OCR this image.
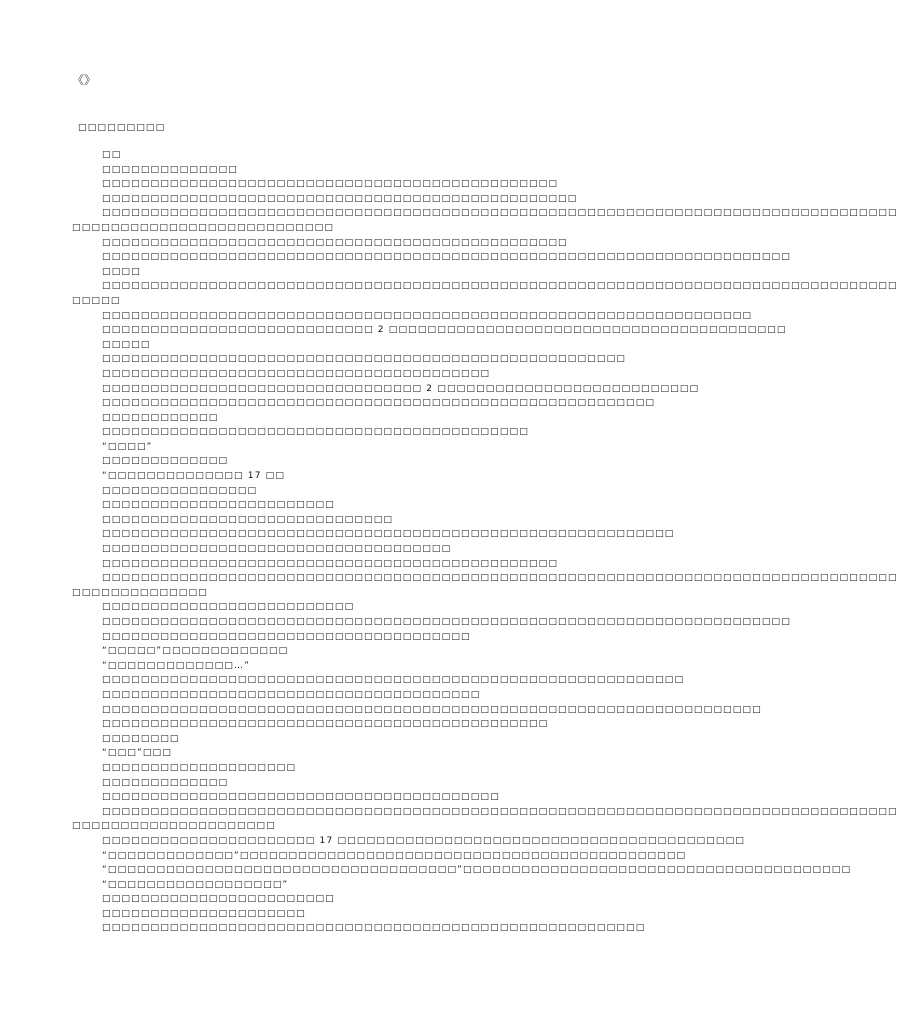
《》
□□□□□□□□□
□□
□□□□□□□□□□□□□□
□□□□□□□□□□□□□□□□□□□□□□□□□□□□□□□□□□□□□□□□□□□□□□□
□□□□□□□□□□□□□□□□□□□□□□□□□□□□□□□□□□□□□□□□□□□□□□□□□
□□□□□□□□□□□□□□□□□□□□□□□□□□□□□□□□□□□□□□□□□□□□□□□□□□□□□□□□□□□□□□□□□□□□□□□□□□□□□□□□□□
□□□□□□□□□□□□□□□□□□□□□□□□□□□
□□□□□□□□□□□□□□□□□□□□□□□□□□□□□□□□□□□□□□□□□□□□□□□□
□□□□□□□□□□□□□□□□□□□□□□□□□□□□□□□□□□□□□□□□□□□□□□□□□□□□□□□□□□□□□□□□□□□□□□□
□□□□
□□□□□□□□□□□□□□□□□□□□□□□□□□□□□□□□□□□□□□□□□□□□□□□□□□□□□□□□□□□□□□□□□□□□□□□□□□□□□□□□□□
□□□□□
□□□□□□□□□□□□□□□□□□□□□□□□□□□□□□□□□□□□□□□□□□□□□□□□□□□□□□□□□□□□□□□□□□□
□□□□□□□□□□□□□□□□□□□□□□□□□□□□ 2 □□□□□□□□□□□□□□□□□□□□□□□□□□□□□□□□□□□□□□□□□
□□□□□
□□□□□□□□□□□□□□□□□□□□□□□□□□□□□□□□□□□□□□□□□□□□□□□□□□□□□□
□□□□□□□□□□□□□□□□□□□□□□□□□□□□□□□□□□□□□□□□
□□□□□□□□□□□□□□□□□□□□□□□□□□□□□□□□□ 2 □□□□□□□□□□□□□□□□□□□□□□□□□□□
□□□□□□□□□□□□□□□□□□□□□□□□□□□□□□□□□□□□□□□□□□□□□□□□□□□□□□□□□
□□□□□□□□□□□□
□□□□□□□□□□□□□□□□□□□□□□□□□□□□□□□□□□□□□□□□□□□□
“□□□□”
□□□□□□□□□□□□□
“□□□□□□□□□□□□□□ 17 □□
□□□□□□□□□□□□□□□□
□□□□□□□□□□□□□□□□□□□□□□□□
□□□□□□□□□□□□□□□□□□□□□□□□□□□□□□
□□□□□□□□□□□□□□□□□□□□□□□□□□□□□□□□□□□□□□□□□□□□□□□□□□□□□□□□□□□
□□□□□□□□□□□□□□□□□□□□□□□□□□□□□□□□□□□□
□□□□□□□□□□□□□□□□□□□□□□□□□□□□□□□□□□□□□□□□□□□□□□□
□□□□□□□□□□□□□□□□□□□□□□□□□□□□□□□□□□□□□□□□□□□□□□□□□□□□□□□□□□□□□□□□□□□□□□□□□□□□□□□□□□
□□□□□□□□□□□□□□
□□□□□□□□□□□□□□□□□□□□□□□□□□
□□□□□□□□□□□□□□□□□□□□□□□□□□□□□□□□□□□□□□□□□□□□□□□□□□□□□□□□□□□□□□□□□□□□□□□
□□□□□□□□□□□□□□□□□□□□□□□□□□□□□□□□□□□□□□
“□□□□□”□□□□□□□□□□□□□
“□□□□□□□□□□□□□…”
□□□□□□□□□□□□□□□□□□□□□□□□□□□□□□□□□□□□□□□□□□□□□□□□□□□□□□□□□□□□
□□□□□□□□□□□□□□□□□□□□□□□□□□□□□□□□□□□□□□□
□□□□□□□□□□□□□□□□□□□□□□□□□□□□□□□□□□□□□□□□□□□□□□□□□□□□□□□□□□□□□□□□□□□□
□□□□□□□□□□□□□□□□□□□□□□□□□□□□□□□□□□□□□□□□□□□□□□
□□□□□□□□
“□□□”□□□
□□□□□□□□□□□□□□□□□□□□
□□□□□□□□□□□□□
□□□□□□□□□□□□□□□□□□□□□□□□□□□□□□□□□□□□□□□□□
□□□□□□□□□□□□□□□□□□□□□□□□□□□□□□□□□□□□□□□□□□□□□□□□□□□□□□□□□□□□□□□□□□□□□□□□□□□□□□□□□□
□□□□□□□□□□□□□□□□□□□□□
□□□□□□□□□□□□□□□□□□□□□□ 17 □□□□□□□□□□□□□□□□□□□□□□□□□□□□□□□□□□□□□□□□□□
“□□□□□□□□□□□□□”□□□□□□□□□□□□□□□□□□□□□□□□□□□□□□□□□□□□□□□□□□□□□□
“□□□□□□□□□□□□□□□□□□□□□□□□□□□□□□□□□□□□”□□□□□□□□□□□□□□□□□□□□□□□□□□□□□□□□□□□□□□□□
“□□□□□□□□□□□□□□□□□□”
□□□□□□□□□□□□□□□□□□□□□□□□
□□□□□□□□□□□□□□□□□□□□□
□□□□□□□□□□□□□□□□□□□□□□□□□□□□□□□□□□□□□□□□□□□□□□□□□□□□□□□□
